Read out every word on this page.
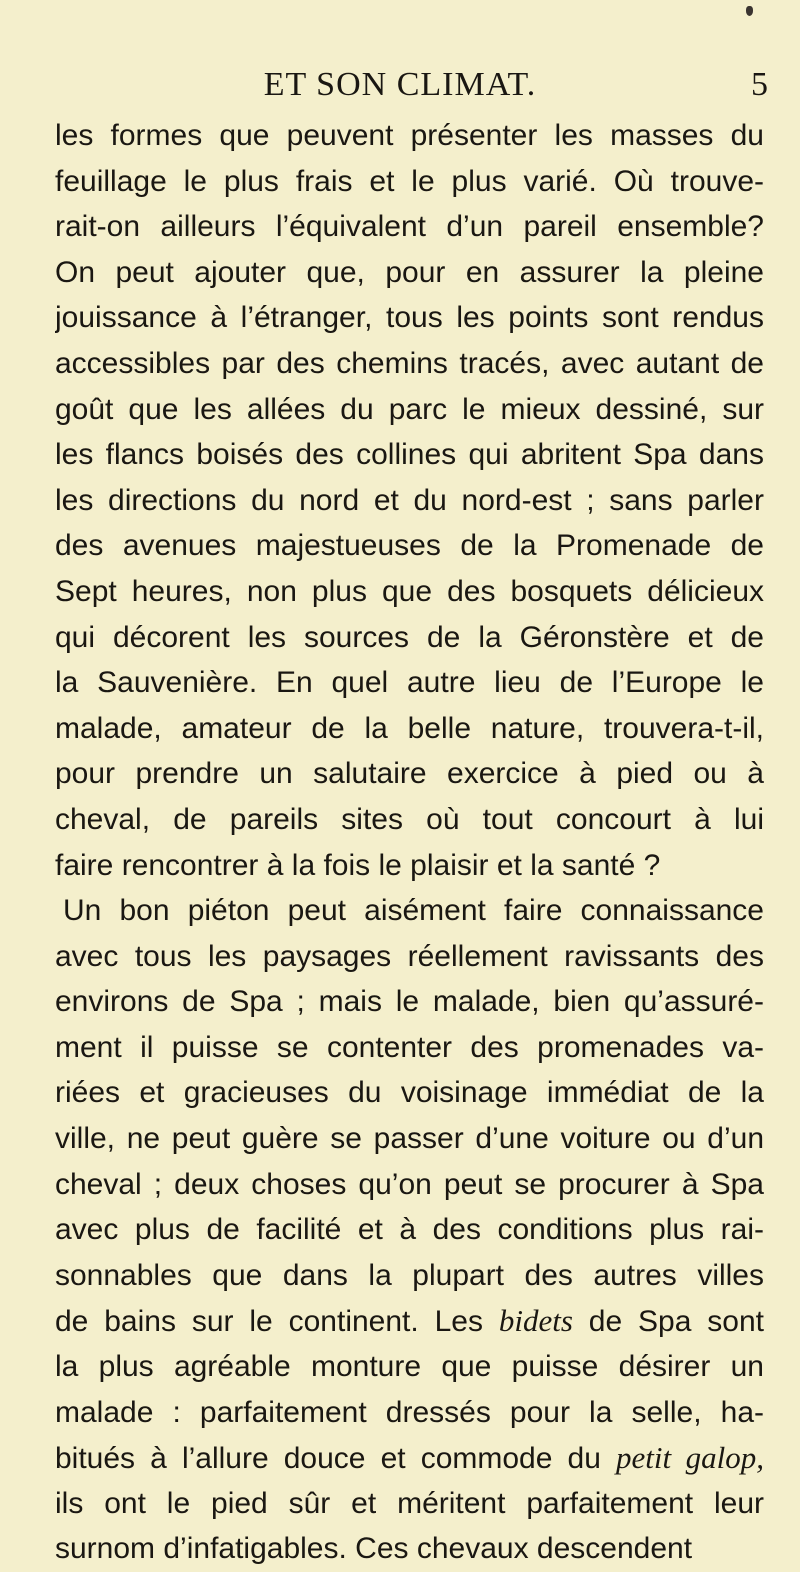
ET SON CLIMAT.	5
les formes que peuvent présenter les masses du
feuillage le plus frais et le plus varié. Où trouve-
rait-on ailleurs l’équivalent d’un pareil ensemble?
On peut ajouter que, pour en assurer la pleine
jouissance à l’étranger, tous les points sont rendus
accessibles par des chemins tracés, avec autant de
goût que les allées du parc le mieux dessiné, sur
les flancs boisés des collines qui abritent Spa dans
les directions du nord et du nord-est ; sans parler
des avenues majestueuses de la Promenade de
Sept heures, non plus que des bosquets délicieux
qui décorent les sources de la Géronstère et de
la Sauvenière. En quel autre lieu de l’Europe le
malade, amateur de la belle nature, trouvera-t-il,
pour prendre un salutaire exercice à pied ou à
cheval, de pareils sites où tout concourt à lui
faire rencontrer à la fois le plaisir et la santé ?
Un bon piéton peut aisément faire connaissance
avec tous les paysages réellement ravissants des
environs de Spa ; mais le malade, bien qu’assuré-
ment il puisse se contenter des promenades va-
riées et gracieuses du voisinage immédiat de la
ville, ne peut guère se passer d’une voiture ou d’un
cheval ; deux choses qu’on peut se procurer à Spa
avec plus de facilité et à des conditions plus rai-
sonnables que dans la plupart des autres villes
de bains sur le continent. Les bidets de Spa sont
la plus agréable monture que puisse désirer un
malade : parfaitement dressés pour la selle, ha-
bitués à l’allure douce et commode du petit galop,
ils ont le pied sûr et méritent parfaitement leur
surnom d’infatigables. Ces chevaux descendent
